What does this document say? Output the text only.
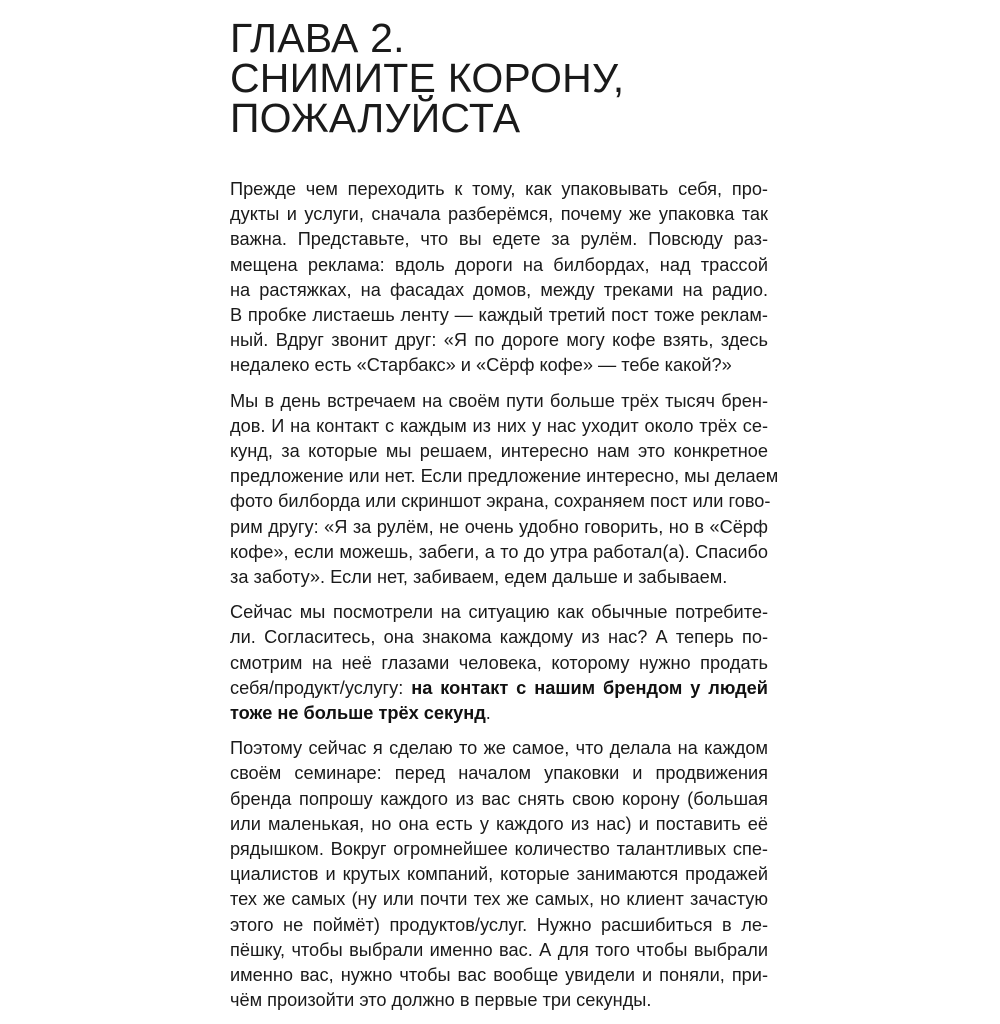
ГЛАВА 2.
СНИМИТЕ КОРОНУ,
ПОЖАЛУЙСТА

Прежде чем переходить к тому, как упаковывать себя, про-
дукты и услуги, сначала разберёмся, почему же упаковка так
важна. Представьте, что вы едете за рулём. Повсюду раз-
мещена реклама: вдоль дороги на билбордах, над трассой
на растяжках, на фасадах домов, между треками на радио.
В пробке листаешь ленту — каждый третий пост тоже реклам-
ный. Вдруг звонит друг: «Я по дороге могу кофе взять, здесь
недалеко есть «Старбакс» и «Сёрф кофе» — тебе какой?»

Мы в день встречаем на своём пути больше трёх тысяч брен-
дов. И на контакт с каждым из них у нас уходит около трёх се-
кунд, за которые мы решаем, интересно нам это конкретное
предложение или нет. Если предложение интересно, мы делаем
фото билборда или скриншот экрана, сохраняем пост или гово-
рим другу: «Я за рулём, не очень удобно говорить, но в «Сёрф
кофе», если можешь, забеги, а то до утра работал(а). Спасибо
за заботу». Если нет, забиваем, едем дальше и забываем.

Сейчас мы посмотрели на ситуацию как обычные потребите-
ли. Согласитесь, она знакома каждому из нас? А теперь по-
смотрим на неё глазами человека, которому нужно продать
себя/продукт/услугу: на контакт с нашим брендом у людей
тоже не больше трёх секунд.

Поэтому сейчас я сделаю то же самое, что делала на каждом
своём семинаре: перед началом упаковки и продвижения
бренда попрошу каждого из вас снять свою корону (большая
или маленькая, но она есть у каждого из нас) и поставить её
рядышком. Вокруг огромнейшее количество талантливых спе-
циалистов и крутых компаний, которые занимаются продажей
тех же самых (ну или почти тех же самых, но клиент зачастую
этого не поймёт) продуктов/услуг. Нужно расшибиться в ле-
пёшку, чтобы выбрали именно вас. А для того чтобы выбрали
именно вас, нужно чтобы вас вообще увидели и поняли, при-
чём произойти это должно в первые три секунды.
